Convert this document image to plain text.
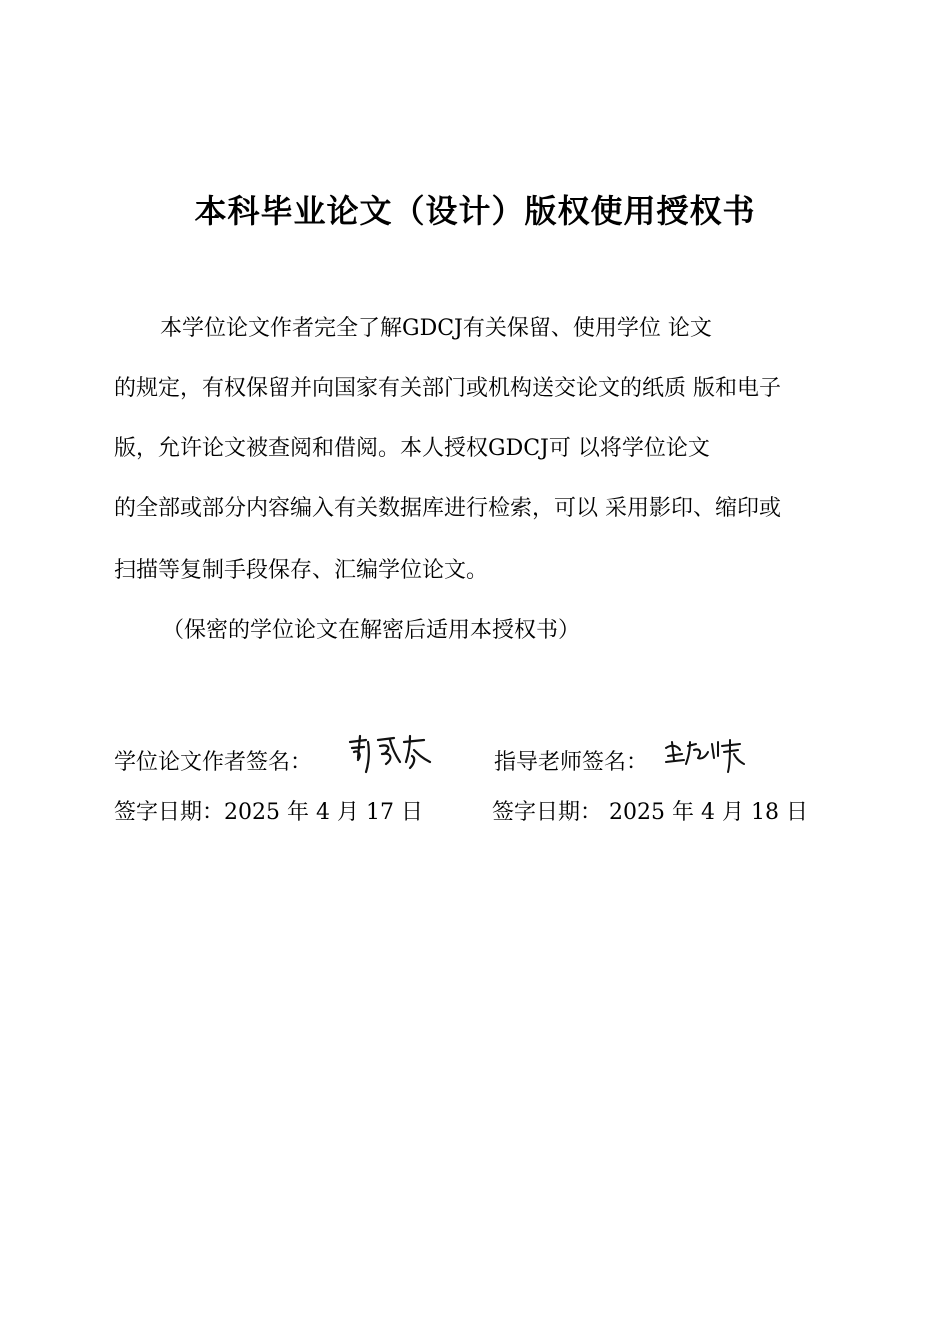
本科毕业论文（设计）版权使用授权书
本学位论文作者完全了解GDCJ有关保留、使用学位 论文
的规定，有权保留并向国家有关部门或机构送交论文的纸质 版和电子
版，允许论文被查阅和借阅。本人授权GDCJ可 以将学位论文
的全部或部分内容编入有关数据库进行检索，可以 采用影印、缩印或
扫描等复制手段保存、汇编学位论文。
（保密的学位论文在解密后适用本授权书）
学位论文作者签名：	指导老师签名：
签字日期：2025 年 4 月 17 日	签字日期： 2025 年 4 月 18 日
